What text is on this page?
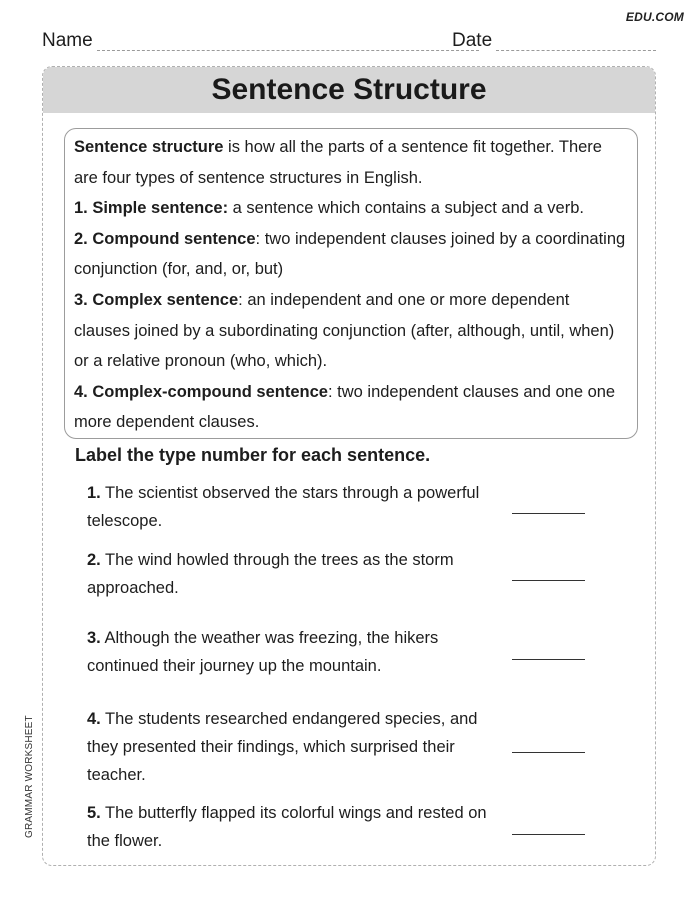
EDU.COM
Name	Date
GRAMMAR WORKSHEET
Sentence Structure

Sentence structure is how all the parts of a sentence fit together. There are four types of sentence structures in English.

1. Simple sentence: a sentence which contains a subject and a verb.

2. Compound sentence: two independent clauses joined by a coordinating conjunction (for, and, or, but)

3. Complex sentence: an independent and one or more dependent clauses joined by a subordinating conjunction (after, although, until, when) or a relative pronoun (who, which).

4. Complex-compound sentence: two independent clauses and one one more dependent clauses.

Label the type number for each sentence.
1. The scientist observed the stars through a powerful telescope.
2. The wind howled through the trees as the storm approached.
3. Although the weather was freezing, the hikers continued their journey up the mountain.
4. The students researched endangered species, and they presented their findings, which surprised their teacher.
5. The butterfly flapped its colorful wings and rested on the flower.
